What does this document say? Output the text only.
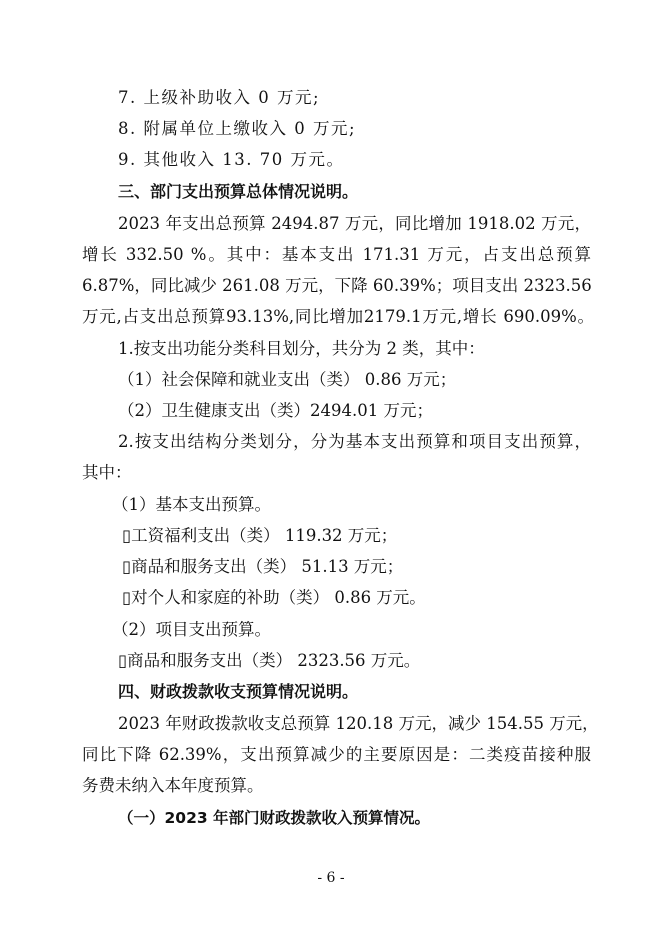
7. 上级补助收入 0 万元;
8. 附属单位上缴收入 0 万元;
9. 其他收入 13. 70 万元。
三、部门支出预算总体情况说明。
2023 年支出总预算 2494.87 万元，同比增加 1918.02 万元，
增长 332.50 %。其中：基本支出 171.31 万元，占支出总预算
6.87%，同比减少 261.08 万元，下降 60.39%；项目支出 2323.56
万元,占支出总预算93.13%,同比增加2179.1万元,增长 690.09%。
1.按支出功能分类科目划分，共分为 2 类，其中：
（1）社会保障和就业支出（类） 0.86 万元；
（2）卫生健康支出（类）2494.01 万元；
2.按支出结构分类划分，分为基本支出预算和项目支出预算，
其中：
（1）基本支出预算。
▯工资福利支出（类） 119.32 万元；
▯商品和服务支出（类） 51.13 万元；
▯对个人和家庭的补助（类） 0.86 万元。
（2）项目支出预算。
▯商品和服务支出（类） 2323.56 万元。
四、财政拨款收支预算情况说明。
2023 年财政拨款收支总预算 120.18 万元，减少 154.55 万元，
同比下降 62.39%，支出预算减少的主要原因是：二类疫苗接种服
务费未纳入本年度预算。
（一）2023 年部门财政拨款收入预算情况。
- 6 -
